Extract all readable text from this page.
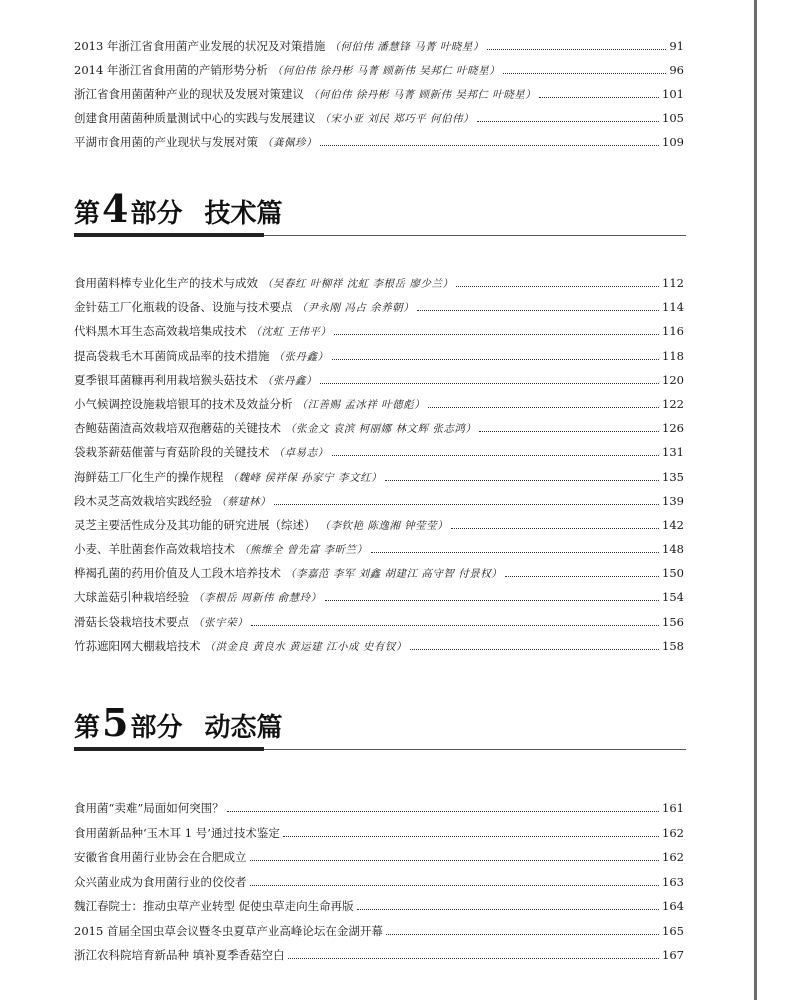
2013 年浙江省食用菌产业发展的状况及对策措施 （何伯伟 潘慧锋 马菁 叶晓星）	91
2014 年浙江省食用菌的产销形势分析 （何伯伟 徐丹彬 马菁 顾新伟 吴邦仁 叶晓星）	96
浙江省食用菌菌种产业的现状及发展对策建议 （何伯伟 徐丹彬 马菁 顾新伟 吴邦仁 叶晓星）	101
创建食用菌菌种质量测试中心的实践与发展建议 （宋小亚 刘民 郑巧平 何伯伟）	105
平湖市食用菌的产业现状与发展对策 （龚佩珍）	109
第 4 部分 技术篇
食用菌料棒专业化生产的技术与成效 （吴春红 叶柳祥 沈虹 李根岳 廖少兰）	112
金针菇工厂化瓶栽的设备、设施与技术要点 （尹永刚 冯占 余养朝）	114
代料黑木耳生态高效栽培集成技术 （沈虹 王伟平）	116
提高袋栽毛木耳菌筒成品率的技术措施 （张丹鑫）	118
夏季银耳菌糠再利用栽培猴头菇技术 （张丹鑫）	120
小气候调控设施栽培银耳的技术及效益分析 （江善赐 孟冰祥 叶德彪）	122
杏鲍菇菌渣高效栽培双孢蘑菇的关键技术 （张金文 袁滨 柯丽娜 林文辉 张志鸿）	126
袋栽茶薪菇催蕾与育菇阶段的关键技术 （卓易志）	131
海鲜菇工厂化生产的操作规程 （魏峰 侯祥保 孙家宁 李文红）	135
段木灵芝高效栽培实践经验 （蔡建林）	139
灵芝主要活性成分及其功能的研究进展（综述） （李钦艳 陈逸湘 钟莹莹）	142
小麦、羊肚菌套作高效栽培技术 （熊维全 曾先富 李昕竺）	148
桦褐孔菌的药用价值及人工段木培养技术 （李嘉范 李军 刘鑫 胡建江 高守智 付景权）	150
大球盖菇引种栽培经验 （李根岳 周新伟 俞慧玲）	154
滑菇长袋栽培技术要点 （张宇荣）	156
竹荪遮阳网大棚栽培技术 （洪金良 黄良水 黄运建 江小成 史有钗）	158
第 5 部分 动态篇
食用菌“卖难”局面如何突围？	161
食用菌新品种‘玉木耳 1 号’通过技术鉴定	162
安徽省食用菌行业协会在合肥成立	162
众兴菌业成为食用菌行业的佼佼者	163
魏江春院士：推动虫草产业转型 促使虫草走向生命再版	164
2015 首届全国虫草会议暨冬虫夏草产业高峰论坛在金湖开幕	165
浙江农科院培育新品种 填补夏季香菇空白	167
